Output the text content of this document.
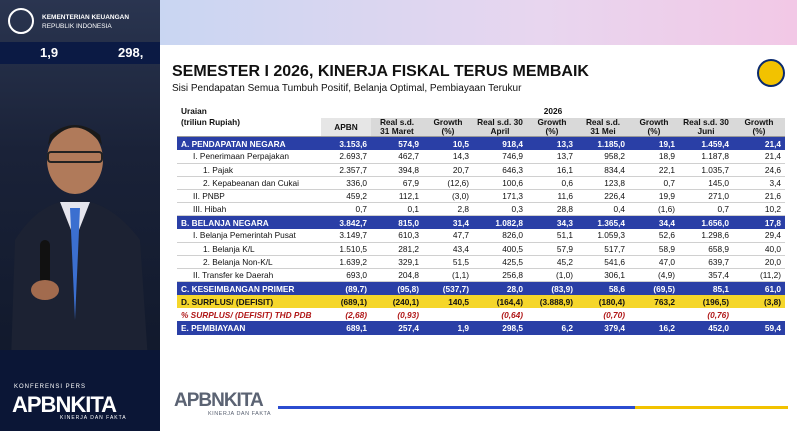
KEMENTERIAN KEUANGAN
REPUBLIK INDONESIA
1,9	298,
KONFERENSI PERS
APBNKITA
KINERJA DAN FAKTA
SEMESTER I 2026, KINERJA FISKAL TERUS MEMBAIK
Sisi Pendapatan Semua Tumbuh Positif, Belanja Optimal, Pembiayaan Terukur
Uraian	2026								
(triliun Rupiah)	APBN	Real s.d. 31 Maret	Growth (%)	Real s.d. 30 April	Growth (%)	Real s.d. 31 Mei	Growth (%)	Real s.d. 30 Juni	Growth (%)
A. PENDAPATAN NEGARA	3.153,6	574,9	10,5	918,4	13,3	1.185,0	19,1	1.459,4	21,4
I. Penerimaan Perpajakan	2.693,7	462,7	14,3	746,9	13,7	958,2	18,9	1.187,8	21,4
1. Pajak	2.357,7	394,8	20,7	646,3	16,1	834,4	22,1	1.035,7	24,6
2. Kepabeanan dan Cukai	336,0	67,9	(12,6)	100,6	0,6	123,8	0,7	145,0	3,4
II. PNBP	459,2	112,1	(3,0)	171,3	11,6	226,4	19,9	271,0	21,6
III. Hibah	0,7	0,1	2,8	0,3	28,8	0,4	(1,6)	0,7	10,2
B. BELANJA NEGARA	3.842,7	815,0	31,4	1.082,8	34,3	1.365,4	34,4	1.656,0	17,8
I. Belanja Pemerintah Pusat	3.149,7	610,3	47,7	826,0	51,1	1.059,3	52,6	1.298,6	29,4
1. Belanja K/L	1.510,5	281,2	43,4	400,5	57,9	517,7	58,9	658,9	40,0
2. Belanja Non-K/L	1.639,2	329,1	51,5	425,5	45,2	541,6	47,0	639,7	20,0
II. Transfer ke Daerah	693,0	204,8	(1,1)	256,8	(1,0)	306,1	(4,9)	357,4	(11,2)
C. KESEIMBANGAN PRIMER	(89,7)	(95,8)	(537,7)	28,0	(83,9)	58,6	(69,5)	85,1	61,0
D. SURPLUS/ (DEFISIT)	(689,1)	(240,1)	140,5	(164,4)	(3.888,9)	(180,4)	763,2	(196,5)	(3,8)
% SURPLUS/ (DEFISIT) THD PDB	(2,68)	(0,93)		(0,64)		(0,70)		(0,76)	
E. PEMBIAYAAN	689,1	257,4	1,9	298,5	6,2	379,4	16,2	452,0	59,4
APBNKITA
KINERJA DAN FAKTA
